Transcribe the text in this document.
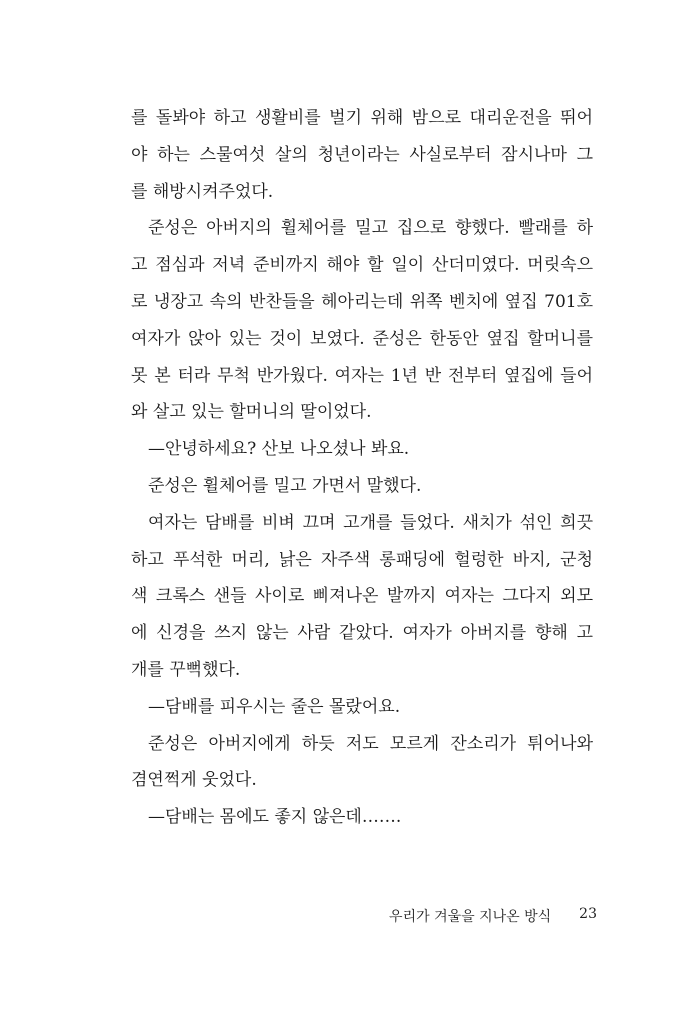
를 돌봐야 하고 생활비를 벌기 위해 밤으로 대리운전을 뛰어
야 하는 스물여섯 살의 청년이라는 사실로부터 잠시나마 그
를 해방시켜주었다.
준성은 아버지의 휠체어를 밀고 집으로 향했다. 빨래를 하
고 점심과 저녁 준비까지 해야 할 일이 산더미였다. 머릿속으
로 냉장고 속의 반찬들을 헤아리는데 위쪽 벤치에 옆집 701호
여자가 앉아 있는 것이 보였다. 준성은 한동안 옆집 할머니를
못 본 터라 무척 반가웠다. 여자는 1년 반 전부터 옆집에 들어
와 살고 있는 할머니의 딸이었다.
—안녕하세요? 산보 나오셨나 봐요.
준성은 휠체어를 밀고 가면서 말했다.
여자는 담배를 비벼 끄며 고개를 들었다. 새치가 섞인 희끗
하고 푸석한 머리, 낡은 자주색 롱패딩에 헐렁한 바지, 군청
색 크록스 샌들 사이로 삐져나온 발까지 여자는 그다지 외모
에 신경을 쓰지 않는 사람 같았다. 여자가 아버지를 향해 고
개를 꾸뻑했다.
—담배를 피우시는 줄은 몰랐어요.
준성은 아버지에게 하듯 저도 모르게 잔소리가 튀어나와
겸연쩍게 웃었다.
—담배는 몸에도 좋지 않은데…….
우리가 겨울을 지나온 방식 23
